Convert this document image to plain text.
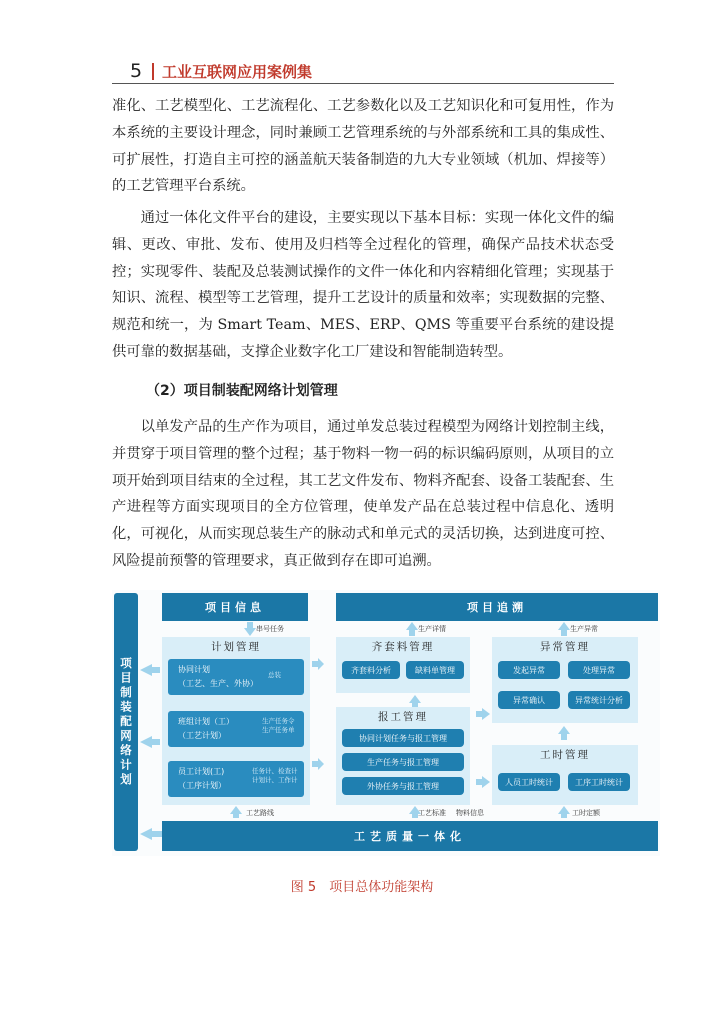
5 工业互联网应用案例集

准化、工艺模型化、工艺流程化、工艺参数化以及工艺知识化和可复用性，作为本系统的主要设计理念，同时兼顾工艺管理系统的与外部系统和工具的集成性、可扩展性，打造自主可控的涵盖航天装备制造的九大专业领域（机加、焊接等）的工艺管理平台系统。

通过一体化文件平台的建设，主要实现以下基本目标：实现一体化文件的编辑、更改、审批、发布、使用及归档等全过程化的管理，确保产品技术状态受控；实现零件、装配及总装测试操作的文件一体化和内容精细化管理；实现基于知识、流程、模型等工艺管理，提升工艺设计的质量和效率；实现数据的完整、规范和统一，为 Smart Team、MES、ERP、QMS 等重要平台系统的建设提供可靠的数据基础，支撑企业数字化工厂建设和智能制造转型。

（2）项目制装配网络计划管理

以单发产品的生产作为项目，通过单发总装过程模型为网络计划控制主线，并贯穿于项目管理的整个过程；基于物料一物一码的标识编码原则，从项目的立项开始到项目结束的全过程，其工艺文件发布、物料齐配套、设备工装配套、生产进程等方面实现项目的全方位管理，使单发产品在总装过程中信息化、透明化，可视化，从而实现总装生产的脉动式和单元式的灵活切换，达到进度可控、风险提前预警的管理要求，真正做到存在即可追溯。

项目制装配网络计划
项目信息	项目追溯
串号任务	生产详情	生产异常
计划管理
协同计划
（工艺、生产、外协）
总装
班组计划（工）
（工艺计划）
生产任务令
生产任务单
员工计划(工)
（工序计划）
任务计、检查计
计划计、工作计
齐套料管理
齐套料分析	缺料单管理
报工管理
协同计划任务与报工管理
生产任务与报工管理
外协任务与报工管理
异常管理
发起异常	处理异常
异常确认	异常统计分析
工时管理
人员工时统计	工序工时统计
工艺路线	工艺标准 物料信息	工时定额
工艺质量一体化
图 5　项目总体功能架构
